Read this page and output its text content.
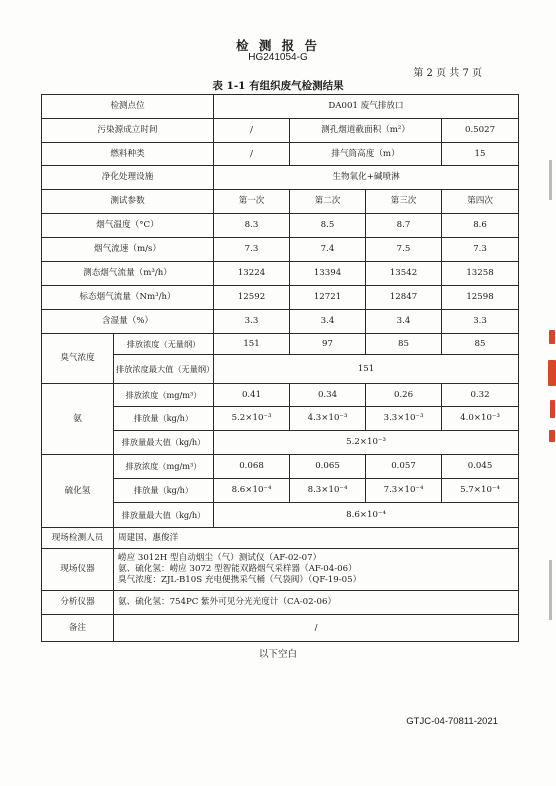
检 测 报 告
HG241054-G
第 2 页 共 7 页
表 1-1 有组织废气检测结果
检测点位		DA001 废气排放口			
污染源成立时间		/	测孔烟道截面积（m²）		0.5027
燃料种类		/	排气筒高度（m）		15
净化处理设施		生物氧化+碱喷淋			
测试参数		第一次	第二次	第三次	第四次
烟气温度（°C）		8.3	8.5	8.7	8.6
烟气流速（m/s）		7.3	7.4	7.5	7.3
测态烟气流量（m³/h）		13224	13394	13542	13258
标态烟气流量（Nm³/h）		12592	12721	12847	12598
含湿量（%）		3.3	3.4	3.4	3.3
臭气浓度	排放浓度（无量纲）	151	97	85	85
	排放浓度最大值（无量纲）	151			
氨	排放浓度（mg/m³）	0.41	0.34	0.26	0.32
	排放量（kg/h）	5.2×10⁻³	4.3×10⁻³	3.3×10⁻³	4.0×10⁻³
	排放量最大值（kg/h）	5.2×10⁻³			
硫化氢	排放浓度（mg/m³）	0.068	0.065	0.057	0.045
	排放量（kg/h）	8.6×10⁻⁴	8.3×10⁻⁴	7.3×10⁻⁴	5.7×10⁻⁴
	排放量最大值（kg/h）	8.6×10⁻⁴			
现场检测人员	周建国、惠俊洋				
现场仪器	崂应 3012H 型自动烟尘（气）测试仪（AF-02-07）
氨、硫化氢：崂应 3072 型智能双路烟气采样器（AF-04-06）
臭气浓度：ZJL-B10S 充电便携采气桶（气袋阀）（QF-19-05）				

分析仪器	氨、硫化氢：754PC 紫外可见分光光度计（CA-02-06）				
备注	/				
以下空白
GTJC-04-70811-2021
